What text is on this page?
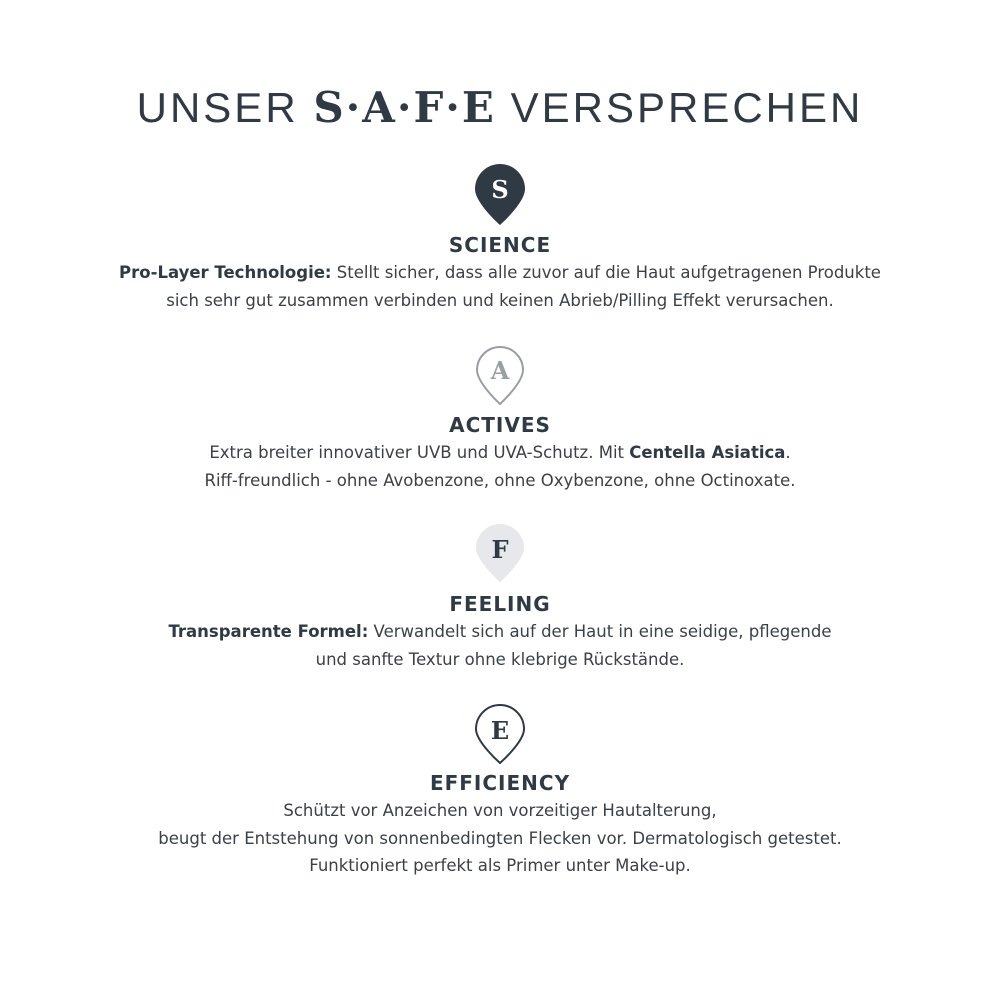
UNSER S·A·F·E VERSPRECHEN
S
SCIENCE
Pro-Layer Technologie: Stellt sicher, dass alle zuvor auf die Haut aufgetragenen Produkte
sich sehr gut zusammen verbinden und keinen Abrieb/Pilling Effekt verursachen.
A
ACTIVES
Extra breiter innovativer UVB und UVA-Schutz. Mit Centella Asiatica.
Riff-freundlich - ohne Avobenzone, ohne Oxybenzone, ohne Octinoxate.
F
FEELING
Transparente Formel: Verwandelt sich auf der Haut in eine seidige, pflegende
und sanfte Textur ohne klebrige Rückstände.
E
EFFICIENCY
Schützt vor Anzeichen von vorzeitiger Hautalterung,
beugt der Entstehung von sonnenbedingten Flecken vor. Dermatologisch getestet.
Funktioniert perfekt als Primer unter Make-up.
